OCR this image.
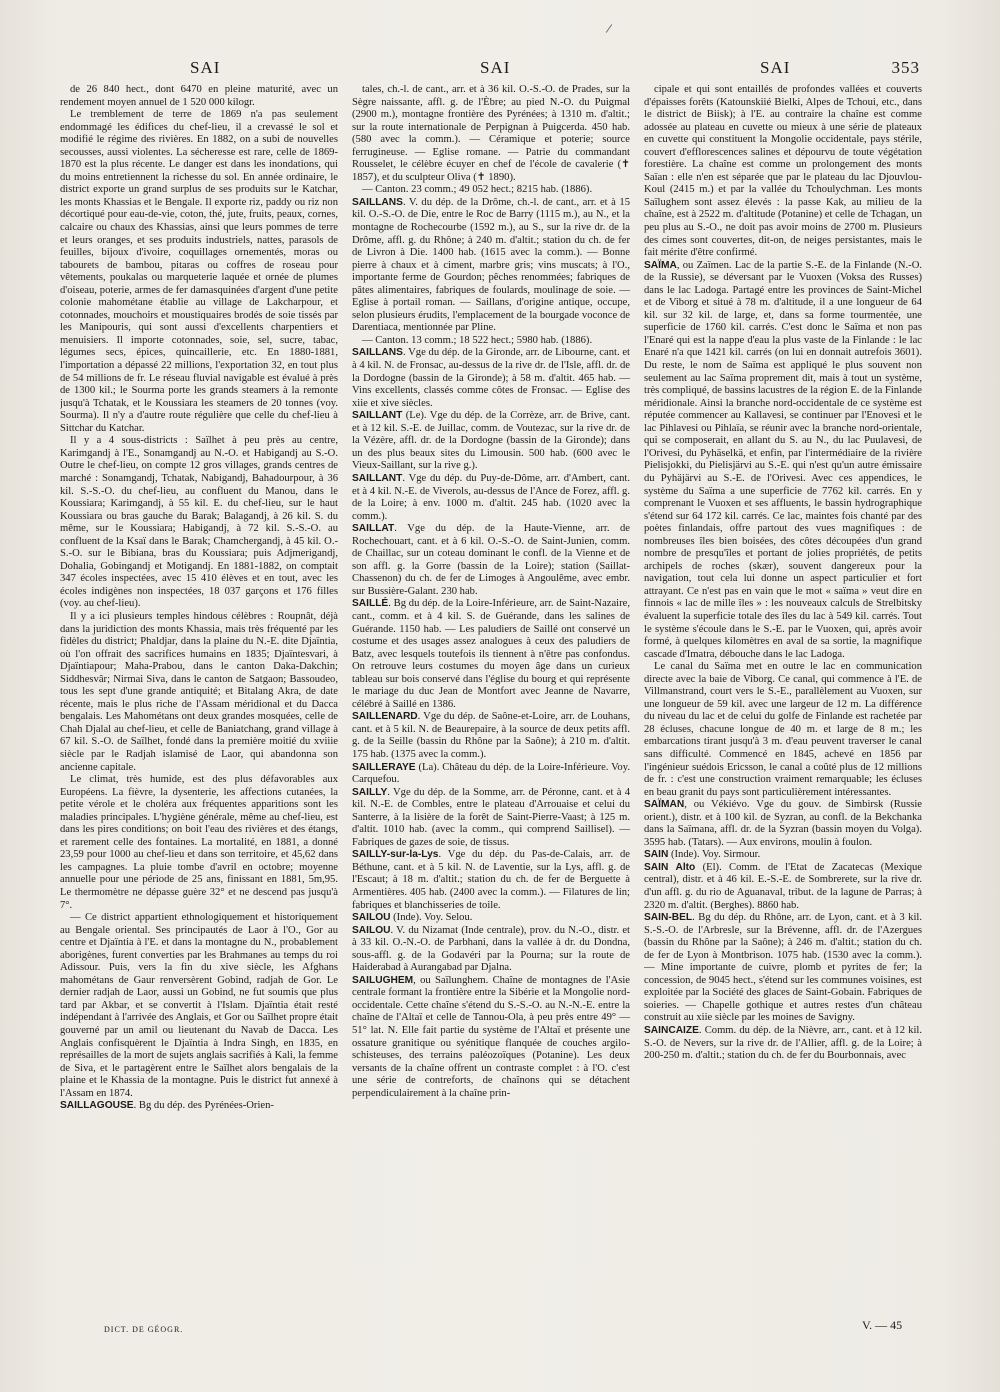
SAI	SAI	SAI	353

de 26 840 hect., dont 6470 en pleine maturité, avec un rendement moyen annuel de 1 520 000 kilogr.

Le tremblement de terre de 1869 n'a pas seulement endommagé les édifices du chef-lieu, il a crevassé le sol et modifié le régime des rivières. En 1882, on a subi de nouvelles secousses, aussi violentes. La sécheresse est rare, celle de 1869-1870 est la plus récente. Le danger est dans les inondations, qui du moins entretiennent la richesse du sol. En année ordinaire, le district exporte un grand surplus de ses produits sur le Katchar, les monts Khassias et le Bengale. Il exporte riz, paddy ou riz non décortiqué pour eau-de-vie, coton, thé, jute, fruits, peaux, cornes, calcaire ou chaux des Khassias, ainsi que leurs pommes de terre et leurs oranges, et ses produits industriels, nattes, parasols de feuilles, bijoux d'ivoire, coquillages ornementés, moras ou tabourets de bambou, pitaras ou coffres de roseau pour vêtements, poukalas ou marqueterie laquée et ornée de plumes d'oiseau, poterie, armes de fer damasquinées d'argent d'une petite colonie mahométane établie au village de Lakcharpour, et cotonnades, mouchoirs et moustiquaires brodés de soie tissés par les Manipouris, qui sont aussi d'excellents charpentiers et menuisiers. Il importe cotonnades, soie, sel, sucre, tabac, légumes secs, épices, quincaillerie, etc. En 1880-1881, l'importation a dépassé 22 millions, l'exportation 32, en tout plus de 54 millions de fr. Le réseau fluvial navigable est évalué à près de 1300 kil.; le Sourma porte les grands steamers à la remonte jusqu'à Tchatak, et le Koussiara les steamers de 20 tonnes (voy. Sourma). Il n'y a d'autre route régulière que celle du chef-lieu à Sittchar du Katchar.

Il y a 4 sous-districts : Saïlhet à peu près au centre, Karimgandj à l'E., Sonamgandj au N.-O. et Habigandj au S.-O. Outre le chef-lieu, on compte 12 gros villages, grands centres de marché : Sonamgandj, Tchatak, Nabigandj, Bahadourpour, à 36 kil. S.-S.-O. du chef-lieu, au confluent du Manou, dans le Koussiara; Karimgandj, à 55 kil. E. du chef-lieu, sur le haut Koussiara ou bras gauche du Barak; Balagandj, à 26 kil. S. du même, sur le Koussiara; Habigandj, à 72 kil. S.-S.-O. au confluent de la Ksaï dans le Barak; Chamchergandj, à 45 kil. O.-S.-O. sur le Bibiana, bras du Koussiara; puis Adjmerigandj, Dohalia, Gobingandj et Motigandj. En 1881-1882, on comptait 347 écoles inspectées, avec 15 410 élèves et en tout, avec les écoles indigènes non inspectées, 18 037 garçons et 176 filles (voy. au chef-lieu).

Il y a ici plusieurs temples hindous célèbres : Roupnât, déjà dans la juridiction des monts Khassia, mais très fréquenté par les fidèles du district; Phaldjar, dans la plaine du N.-E. dite Djaïntia, où l'on offrait des sacrifices humains en 1835; Djaïntesvari, à Djaïntiapour; Maha-Prabou, dans le canton Daka-Dakchin; Siddhesvâr; Nirmai Siva, dans le canton de Satgaon; Bassoudeo, tous les sept d'une grande antiquité; et Bitalang Akra, de date récente, mais le plus riche de l'Assam méridional et du Dacca bengalais. Les Mahométans ont deux grandes mosquées, celle de Chah Djalal au chef-lieu, et celle de Baniatchang, grand village à 67 kil. S.-O. de Saïlhet, fondé dans la première moitié du xviiie siècle par le Radjah islamisé de Laor, qui abandonna son ancienne capitale.

Le climat, très humide, est des plus défavorables aux Européens. La fièvre, la dysenterie, les affections cutanées, la petite vérole et le choléra aux fréquentes apparitions sont les maladies principales. L'hygiène générale, même au chef-lieu, est dans les pires conditions; on boit l'eau des rivières et des étangs, et rarement celle des fontaines. La mortalité, en 1881, a donné 23,59 pour 1000 au chef-lieu et dans son territoire, et 45,62 dans les campagnes. La pluie tombe d'avril en octobre; moyenne annuelle pour une période de 25 ans, finissant en 1881, 5m,95. Le thermomètre ne dépasse guère 32° et ne descend pas jusqu'à 7°.

— Ce district appartient ethnologiquement et historiquement au Bengale oriental. Ses principautés de Laor à l'O., Gor au centre et Djaïntia à l'E. et dans la montagne du N., probablement aborigènes, furent converties par les Brahmanes au temps du roi Adissour. Puis, vers la fin du xive siècle, les Afghans mahométans de Gaur renversèrent Gobind, radjah de Gor. Le dernier radjah de Laor, aussi un Gobind, ne fut soumis que plus tard par Akbar, et se convertit à l'Islam. Djaïntia était resté indépendant à l'arrivée des Anglais, et Gor ou Saïlhet propre était gouverné par un amil ou lieutenant du Navab de Dacca. Les Anglais confisquèrent le Djaïntia à Indra Singh, en 1835, en représailles de la mort de sujets anglais sacrifiés à Kali, la femme de Siva, et le partagèrent entre le Saïlhet alors bengalais de la plaine et le Khassia de la montagne. Puis le district fut annexé à l'Assam en 1874.

SAILLAGOUSE. Bg du dép. des Pyrénées-Orien-

tales, ch.-l. de cant., arr. et à 36 kil. O.-S.-O. de Prades, sur la Sègre naissante, affl. g. de l'Èbre; au pied N.-O. du Puigmal (2900 m.), montagne frontière des Pyrénées; à 1310 m. d'altit.; sur la route internationale de Perpignan à Puigcerda. 450 hab. (580 avec la comm.). — Céramique et poterie; source ferrugineuse. — Eglise romane. — Patrie du commandant Rousselet, le célèbre écuyer en chef de l'école de cavalerie (✝ 1857), et du sculpteur Oliva (✝ 1890).

— Canton. 23 comm.; 49 052 hect.; 8215 hab. (1886).

SAILLANS. V. du dép. de la Drôme, ch.-l. de cant., arr. et à 15 kil. O.-S.-O. de Die, entre le Roc de Barry (1115 m.), au N., et la montagne de Rochecourbe (1592 m.), au S., sur la rive dr. de la Drôme, affl. g. du Rhône; à 240 m. d'altit.; station du ch. de fer de Livron à Die. 1400 hab. (1615 avec la comm.). — Bonne pierre à chaux et à ciment, marbre gris; vins muscats; à l'O., importante ferme de Gourdon; pêches renommées; fabriques de pâtes alimentaires, fabriques de foulards, moulinage de soie. — Eglise à portail roman. — Saillans, d'origine antique, occupe, selon plusieurs érudits, l'emplacement de la bourgade voconce de Darentiaca, mentionnée par Pline.

— Canton. 13 comm.; 18 522 hect.; 5980 hab. (1886).

SAILLANS. Vge du dép. de la Gironde, arr. de Libourne, cant. et à 4 kil. N. de Fronsac, au-dessus de la rive dr. de l'Isle, affl. dr. de la Dordogne (bassin de la Gironde); à 58 m. d'altit. 465 hab. — Vins excellents, classés comme côtes de Fronsac. — Eglise des xiie et xive siècles.

SAILLANT (Le). Vge du dép. de la Corrèze, arr. de Brive, cant. et à 12 kil. S.-E. de Juillac, comm. de Voutezac, sur la rive dr. de la Vézère, affl. dr. de la Dordogne (bassin de la Gironde); dans un des plus beaux sites du Limousin. 500 hab. (600 avec le Vieux-Saillant, sur la rive g.).

SAILLANT. Vge du dép. du Puy-de-Dôme, arr. d'Ambert, cant. et à 4 kil. N.-E. de Viverols, au-dessus de l'Ance de Forez, affl. g. de la Loire; à env. 1000 m. d'altit. 245 hab. (1020 avec la comm.).

SAILLAT. Vge du dép. de la Haute-Vienne, arr. de Rochechouart, cant. et à 6 kil. O.-S.-O. de Saint-Junien, comm. de Chaillac, sur un coteau dominant le confl. de la Vienne et de son affl. g. la Gorre (bassin de la Loire); station (Saillat-Chassenon) du ch. de fer de Limoges à Angoulême, avec embr. sur Bussière-Galant. 230 hab.

SAILLÉ. Bg du dép. de la Loire-Inférieure, arr. de Saint-Nazaire, cant., comm. et à 4 kil. S. de Guérande, dans les salines de Guérande. 1150 hab. — Les paludiers de Saillé ont conservé un costume et des usages assez analogues à ceux des paludiers de Batz, avec lesquels toutefois ils tiennent à n'être pas confondus. On retrouve leurs costumes du moyen âge dans un curieux tableau sur bois conservé dans l'église du bourg et qui représente le mariage du duc Jean de Montfort avec Jeanne de Navarre, célébré à Saillé en 1386.

SAILLENARD. Vge du dép. de Saône-et-Loire, arr. de Louhans, cant. et à 5 kil. N. de Beaurepaire, à la source de deux petits affl. g. de la Seille (bassin du Rhône par la Saône); à 210 m. d'altit. 175 hab. (1375 avec la comm.).

SAILLERAYE (La). Château du dép. de la Loire-Inférieure. Voy. Carquefou.

SAILLY. Vge du dép. de la Somme, arr. de Péronne, cant. et à 4 kil. N.-E. de Combles, entre le plateau d'Arrouaise et celui du Santerre, à la lisière de la forêt de Saint-Pierre-Vaast; à 125 m. d'altit. 1010 hab. (avec la comm., qui comprend Saillisel). — Fabriques de gazes de soie, de tissus.

SAILLY-sur-la-Lys. Vge du dép. du Pas-de-Calais, arr. de Béthune, cant. et à 5 kil. N. de Laventie, sur la Lys, affl. g. de l'Escaut; à 18 m. d'altit.; station du ch. de fer de Berguette à Armentières. 405 hab. (2400 avec la comm.). — Filatures de lin; fabriques et blanchisseries de toile.

SAILOU (Inde). Voy. Selou.

SAILOU. V. du Nizamat (Inde centrale), prov. du N.-O., distr. et à 33 kil. O.-N.-O. de Parbhani, dans la vallée à dr. du Dondna, sous-affl. g. de la Godavéri par la Pourna; sur la route de Haiderabad à Aurangabad par Djalna.

SAILUGHEM, ou Saïlunghem. Chaîne de montagnes de l'Asie centrale formant la frontière entre la Sibérie et la Mongolie nord-occidentale. Cette chaîne s'étend du S.-S.-O. au N.-N.-E. entre la chaîne de l'Altaï et celle de Tannou-Ola, à peu près entre 49° — 51° lat. N. Elle fait partie du système de l'Altaï et présente une ossature granitique ou syénitique flanquée de couches argilo-schisteuses, des terrains paléozoïques (Potanine). Les deux versants de la chaîne offrent un contraste complet : à l'O. c'est une série de contreforts, de chaînons qui se détachent perpendiculairement à la chaîne prin-

cipale et qui sont entaillés de profondes vallées et couverts d'épaisses forêts (Katounskiié Bielki, Alpes de Tchoui, etc., dans le district de Biisk); à l'E. au contraire la chaîne est comme adossée au plateau en cuvette ou mieux à une série de plateaux en cuvette qui constituent la Mongolie occidentale, pays stérile, couvert d'efflorescences salines et dépourvu de toute végétation forestière. La chaîne est comme un prolongement des monts Saïan : elle n'en est séparée que par le plateau du lac Djouvlou-Koul (2415 m.) et par la vallée du Tchoulychman. Les monts Saïlughem sont assez élevés : la passe Kak, au milieu de la chaîne, est à 2522 m. d'altitude (Potanine) et celle de Tchagan, un peu plus au S.-O., ne doit pas avoir moins de 2700 m. Plusieurs des cimes sont couvertes, dit-on, de neiges persistantes, mais le fait mérite d'être confirmé.

SAÏMA, ou Zaïmen. Lac de la partie S.-E. de la Finlande (N.-O. de la Russie), se déversant par le Vuoxen (Voksa des Russes) dans le lac Ladoga. Partagé entre les provinces de Saint-Michel et de Viborg et situé à 78 m. d'altitude, il a une longueur de 64 kil. sur 32 kil. de large, et, dans sa forme tourmentée, une superficie de 1760 kil. carrés. C'est donc le Saïma et non pas l'Enaré qui est la nappe d'eau la plus vaste de la Finlande : le lac Enaré n'a que 1421 kil. carrés (on lui en donnait autrefois 3601). Du reste, le nom de Saïma est appliqué le plus souvent non seulement au lac Saïma proprement dit, mais à tout un système, très compliqué, de bassins lacustres de la région E. de la Finlande méridionale. Ainsi la branche nord-occidentale de ce système est réputée commencer au Kallavesi, se continuer par l'Enovesi et le lac Pihlavesi ou Pihlaïa, se réunir avec la branche nord-orientale, qui se composerait, en allant du S. au N., du lac Puulavesi, de l'Orivesi, du Pyhäselkä, et enfin, par l'intermédiaire de la rivière Pielisjokki, du Pielisjärvi au S.-E. qui n'est qu'un autre émissaire du Pyhäjärvi au S.-E. de l'Orivesi. Avec ces appendices, le système du Saïma a une superficie de 7762 kil. carrés. En y comprenant le Vuoxen et ses affluents, le bassin hydrographique s'étend sur 64 172 kil. carrés. Ce lac, maintes fois chanté par des poètes finlandais, offre partout des vues magnifiques : de nombreuses îles bien boisées, des côtes découpées d'un grand nombre de presqu'îles et portant de jolies propriétés, de petits archipels de roches (skær), souvent dangereux pour la navigation, tout cela lui donne un aspect particulier et fort attrayant. Ce n'est pas en vain que le mot « saïma » veut dire en finnois « lac de mille îles » : les nouveaux calculs de Strelbitsky évaluent la superficie totale des îles du lac à 549 kil. carrés. Tout le système s'écoule dans le S.-E. par le Vuoxen, qui, après avoir formé, à quelques kilomètres en aval de sa sortie, la magnifique cascade d'Imatra, débouche dans le lac Ladoga.

Le canal du Saïma met en outre le lac en communication directe avec la baie de Viborg. Ce canal, qui commence à l'E. de Villmanstrand, court vers le S.-E., parallèlement au Vuoxen, sur une longueur de 59 kil. avec une largeur de 12 m. La différence du niveau du lac et de celui du golfe de Finlande est rachetée par 28 écluses, chacune longue de 40 m. et large de 8 m.; les embarcations tirant jusqu'à 3 m. d'eau peuvent traverser le canal sans difficulté. Commencé en 1845, achevé en 1856 par l'ingénieur suédois Ericsson, le canal a coûté plus de 12 millions de fr. : c'est une construction vraiment remarquable; les écluses en beau granit du pays sont particulièrement intéressantes.

SAÏMAN, ou Vékiévo. Vge du gouv. de Simbirsk (Russie orient.), distr. et à 100 kil. de Syzran, au confl. de la Bekchanka dans la Saïmana, affl. dr. de la Syzran (bassin moyen du Volga). 3595 hab. (Tatars). — Aux environs, moulin à foulon.

SAIN (Inde). Voy. Sirmour.

SAIN Alto (El). Comm. de l'Etat de Zacatecas (Mexique central), distr. et à 46 kil. E.-S.-E. de Sombrerete, sur la rive dr. d'un affl. g. du rio de Aguanaval, tribut. de la lagune de Parras; à 2320 m. d'altit. (Berghes). 8860 hab.

SAIN-BEL. Bg du dép. du Rhône, arr. de Lyon, cant. et à 3 kil. S.-S.-O. de l'Arbresle, sur la Brévenne, affl. dr. de l'Azergues (bassin du Rhône par la Saône); à 246 m. d'altit.; station du ch. de fer de Lyon à Montbrison. 1075 hab. (1530 avec la comm.). — Mine importante de cuivre, plomb et pyrites de fer; la concession, de 9045 hect., s'étend sur les communes voisines, est exploitée par la Société des glaces de Saint-Gobain. Fabriques de soieries. — Chapelle gothique et autres restes d'un château construit au xiie siècle par les moines de Savigny.

SAINCAIZE. Comm. du dép. de la Nièvre, arr., cant. et à 12 kil. S.-O. de Nevers, sur la rive dr. de l'Allier, affl. g. de la Loire; à 200-250 m. d'altit.; station du ch. de fer du Bourbonnais, avec

DICT. DE GÉOGR.	V. — 45
